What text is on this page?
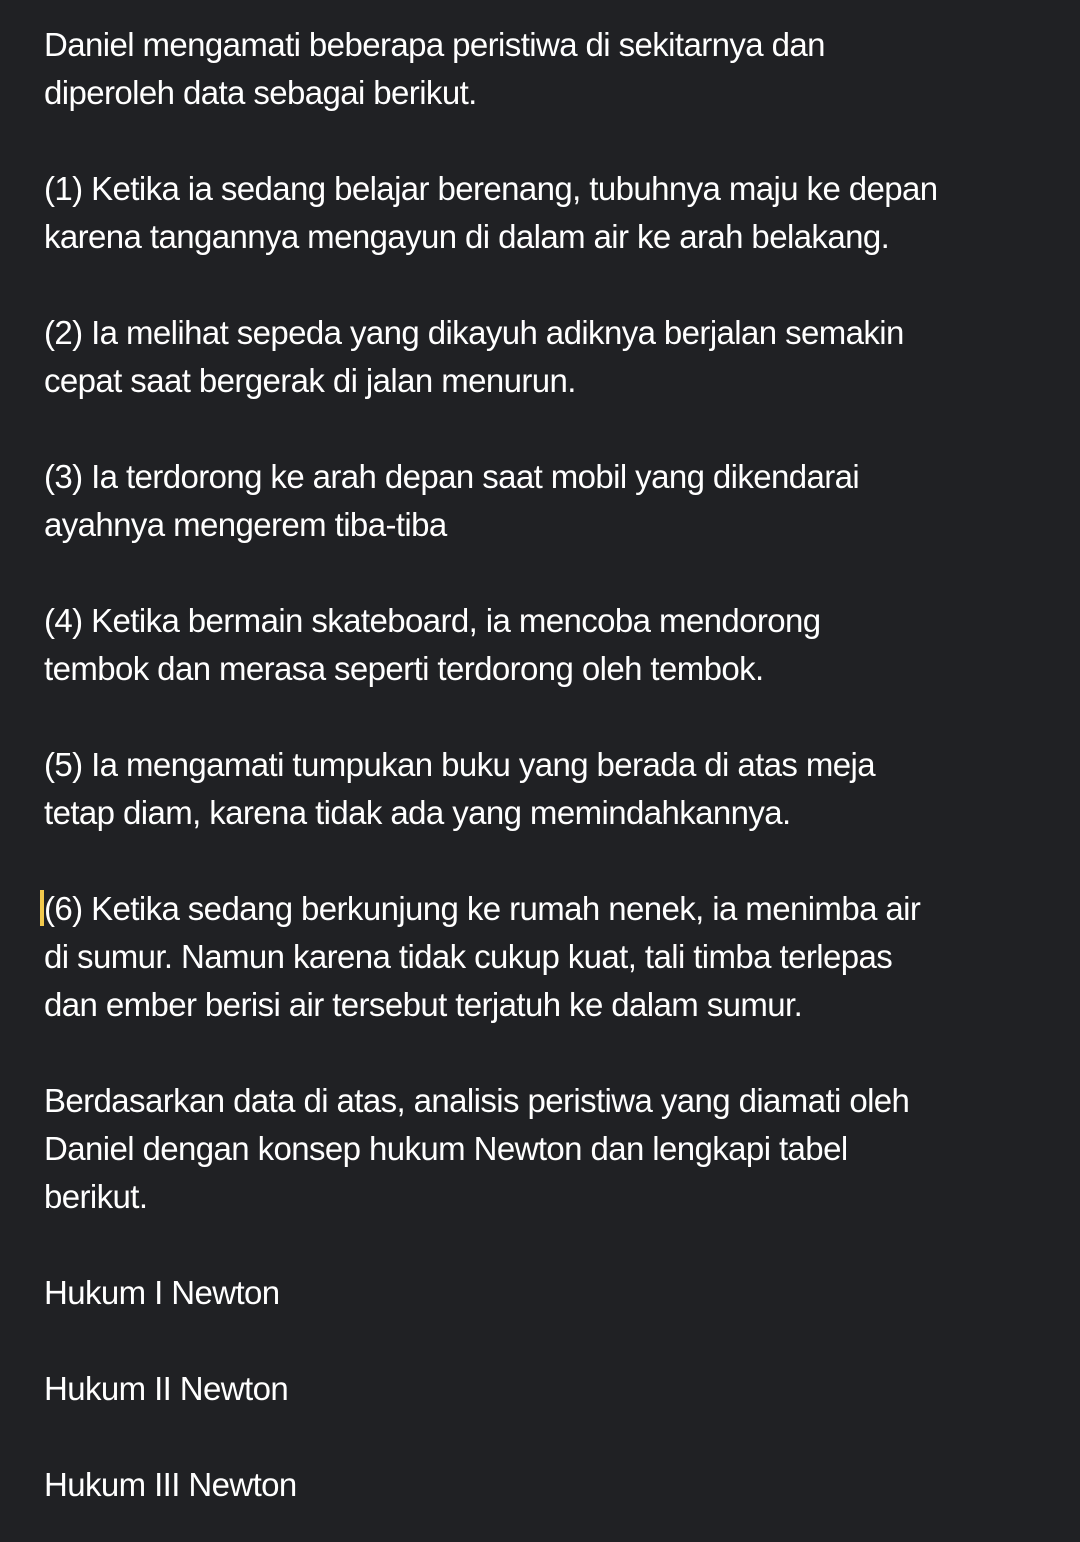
Daniel mengamati beberapa peristiwa di sekitarnya dan
diperoleh data sebagai berikut.
(1) Ketika ia sedang belajar berenang, tubuhnya maju ke depan
karena tangannya mengayun di dalam air ke arah belakang.
(2) Ia melihat sepeda yang dikayuh adiknya berjalan semakin
cepat saat bergerak di jalan menurun.
(3) Ia terdorong ke arah depan saat mobil yang dikendarai
ayahnya mengerem tiba-tiba
(4) Ketika bermain skateboard, ia mencoba mendorong
tembok dan merasa seperti terdorong oleh tembok.
(5) Ia mengamati tumpukan buku yang berada di atas meja
tetap diam, karena tidak ada yang memindahkannya.
(6) Ketika sedang berkunjung ke rumah nenek, ia menimba air
di sumur. Namun karena tidak cukup kuat, tali timba terlepas
dan ember berisi air tersebut terjatuh ke dalam sumur.
Berdasarkan data di atas, analisis peristiwa yang diamati oleh
Daniel dengan konsep hukum Newton dan lengkapi tabel
berikut.
Hukum I Newton
Hukum II Newton
Hukum III Newton
